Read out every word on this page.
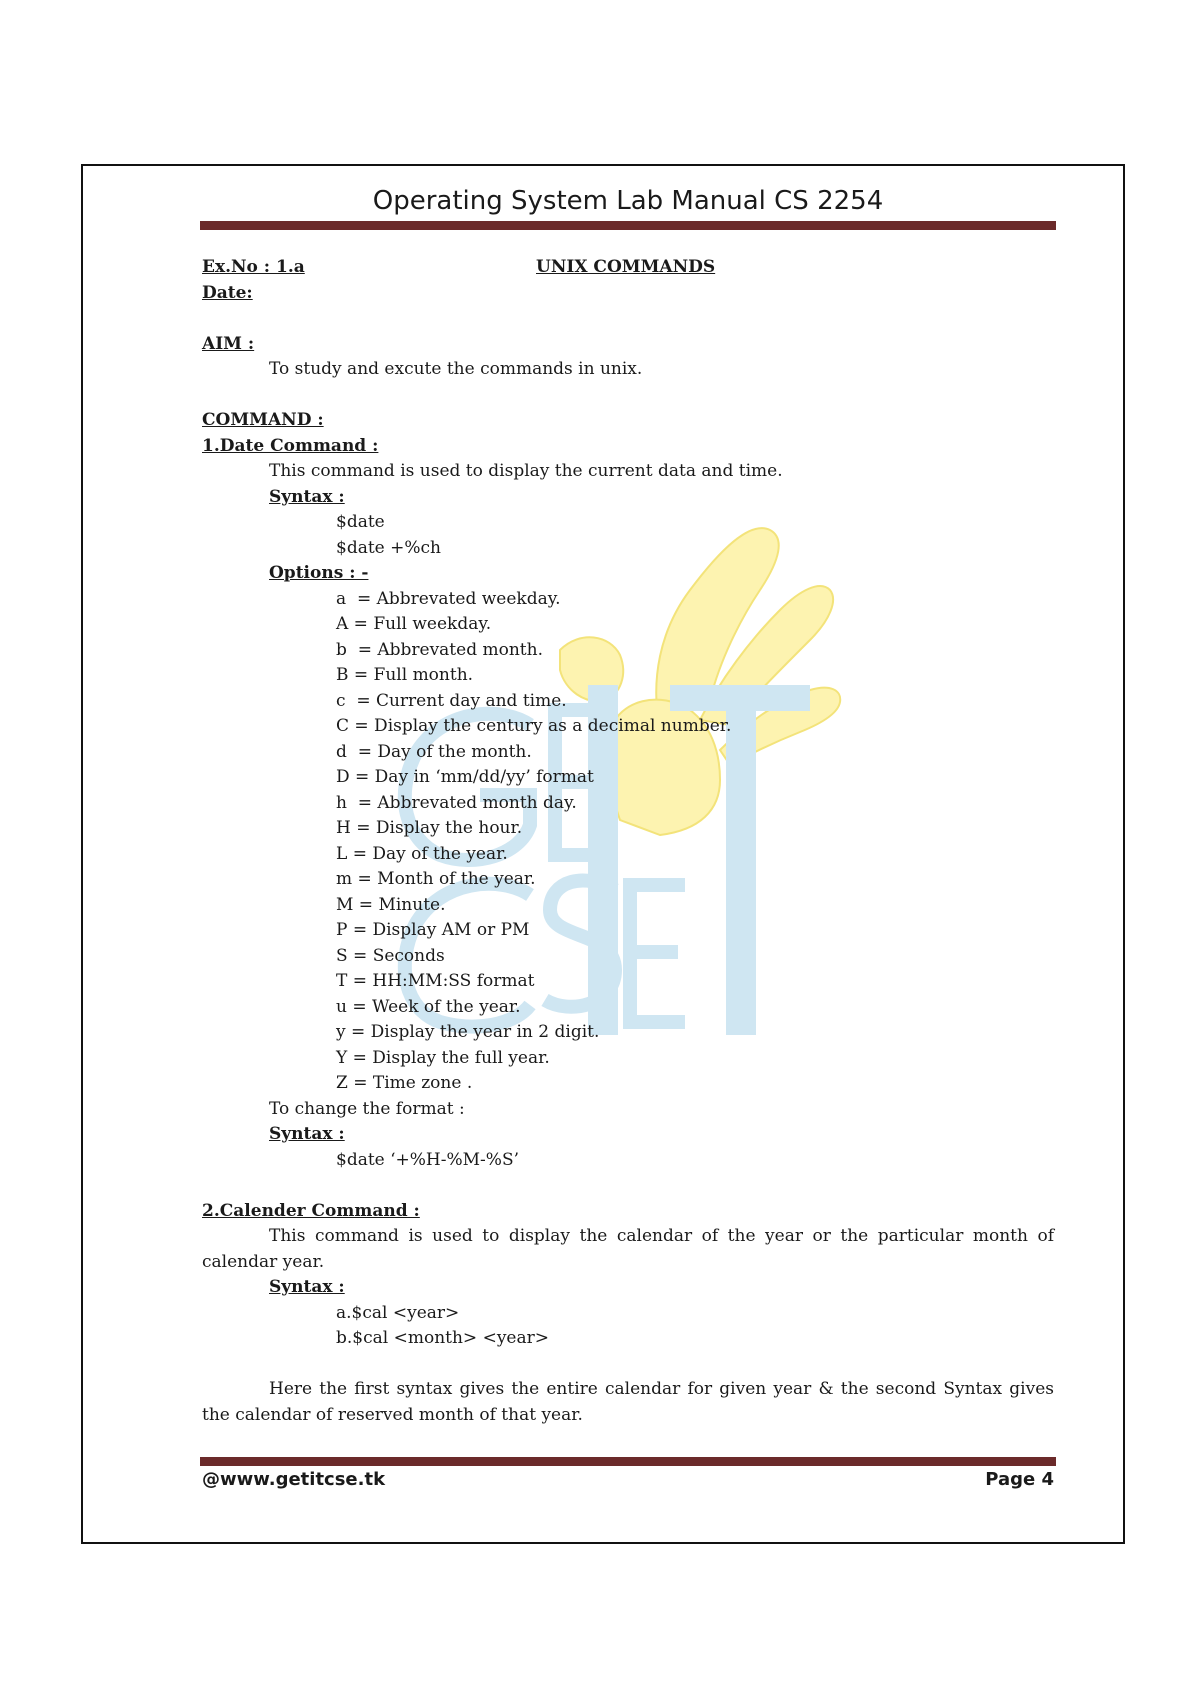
Operating System Lab Manual CS 2254
Ex.No : 1.a	UNIX COMMANDS
Date:
AIM :
To study and excute the commands in unix.
COMMAND :
1.Date Command :
This command is used to display the current data and time.
Syntax :
$date
$date +%ch
Options : -
a  = Abbrevated weekday.
A = Full weekday.
b  = Abbrevated month.
B = Full month.
c  = Current day and time.
C = Display the century as a decimal number.
d  = Day of the month.
D = Day in ‘mm/dd/yy’ format
h  = Abbrevated month day.
H = Display the hour.
L = Day of the year.
m = Month of the year.
M = Minute.
P = Display AM or PM
S = Seconds
T = HH:MM:SS format
u = Week of the year.
y = Display the year in 2 digit.
Y = Display the full year.
Z = Time zone .
To change the format :
Syntax :
$date ‘+%H-%M-%S’
2.Calender Command :
This command is used to display the calendar of the year or the particular month of calendar year.
Syntax :
a.$cal <year>
b.$cal <month> <year>
Here the first syntax gives the entire calendar for given year & the second Syntax gives the calendar of reserved month of that year.
@www.getitcse.tk	Page 4
